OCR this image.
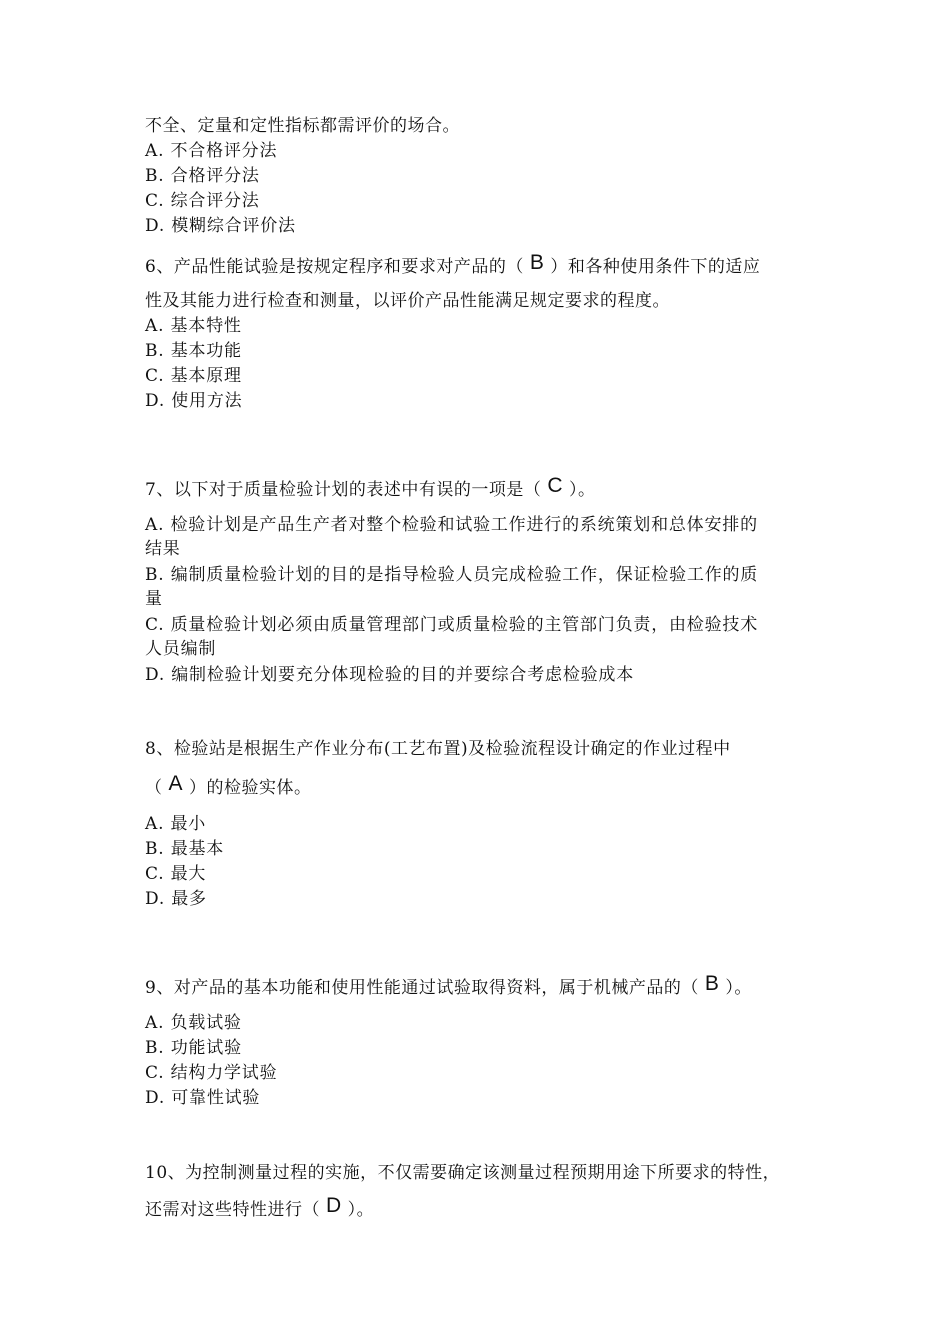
不全、定量和定性指标都需评价的场合。
A. 不合格评分法
B. 合格评分法
C. 综合评分法
D. 模糊综合评价法
6、产品性能试验是按规定程序和要求对产品的（ B ）和各种使用条件下的适应
性及其能力进行检查和测量，以评价产品性能满足规定要求的程度。
A. 基本特性
B. 基本功能
C. 基本原理
D. 使用方法
7、以下对于质量检验计划的表述中有误的一项是（ C ）。
A. 检验计划是产品生产者对整个检验和试验工作进行的系统策划和总体安排的
结果
B. 编制质量检验计划的目的是指导检验人员完成检验工作，保证检验工作的质
量
C. 质量检验计划必须由质量管理部门或质量检验的主管部门负责，由检验技术
人员编制
D. 编制检验计划要充分体现检验的目的并要综合考虑检验成本
8、检验站是根据生产作业分布(工艺布置)及检验流程设计确定的作业过程中
（ A ）的检验实体。
A. 最小
B. 最基本
C. 最大
D. 最多
9、对产品的基本功能和使用性能通过试验取得资料，属于机械产品的（ B ）。
A. 负载试验
B. 功能试验
C. 结构力学试验
D. 可靠性试验
10、为控制测量过程的实施，不仅需要确定该测量过程预期用途下所要求的特性，
还需对这些特性进行（ D ）。
